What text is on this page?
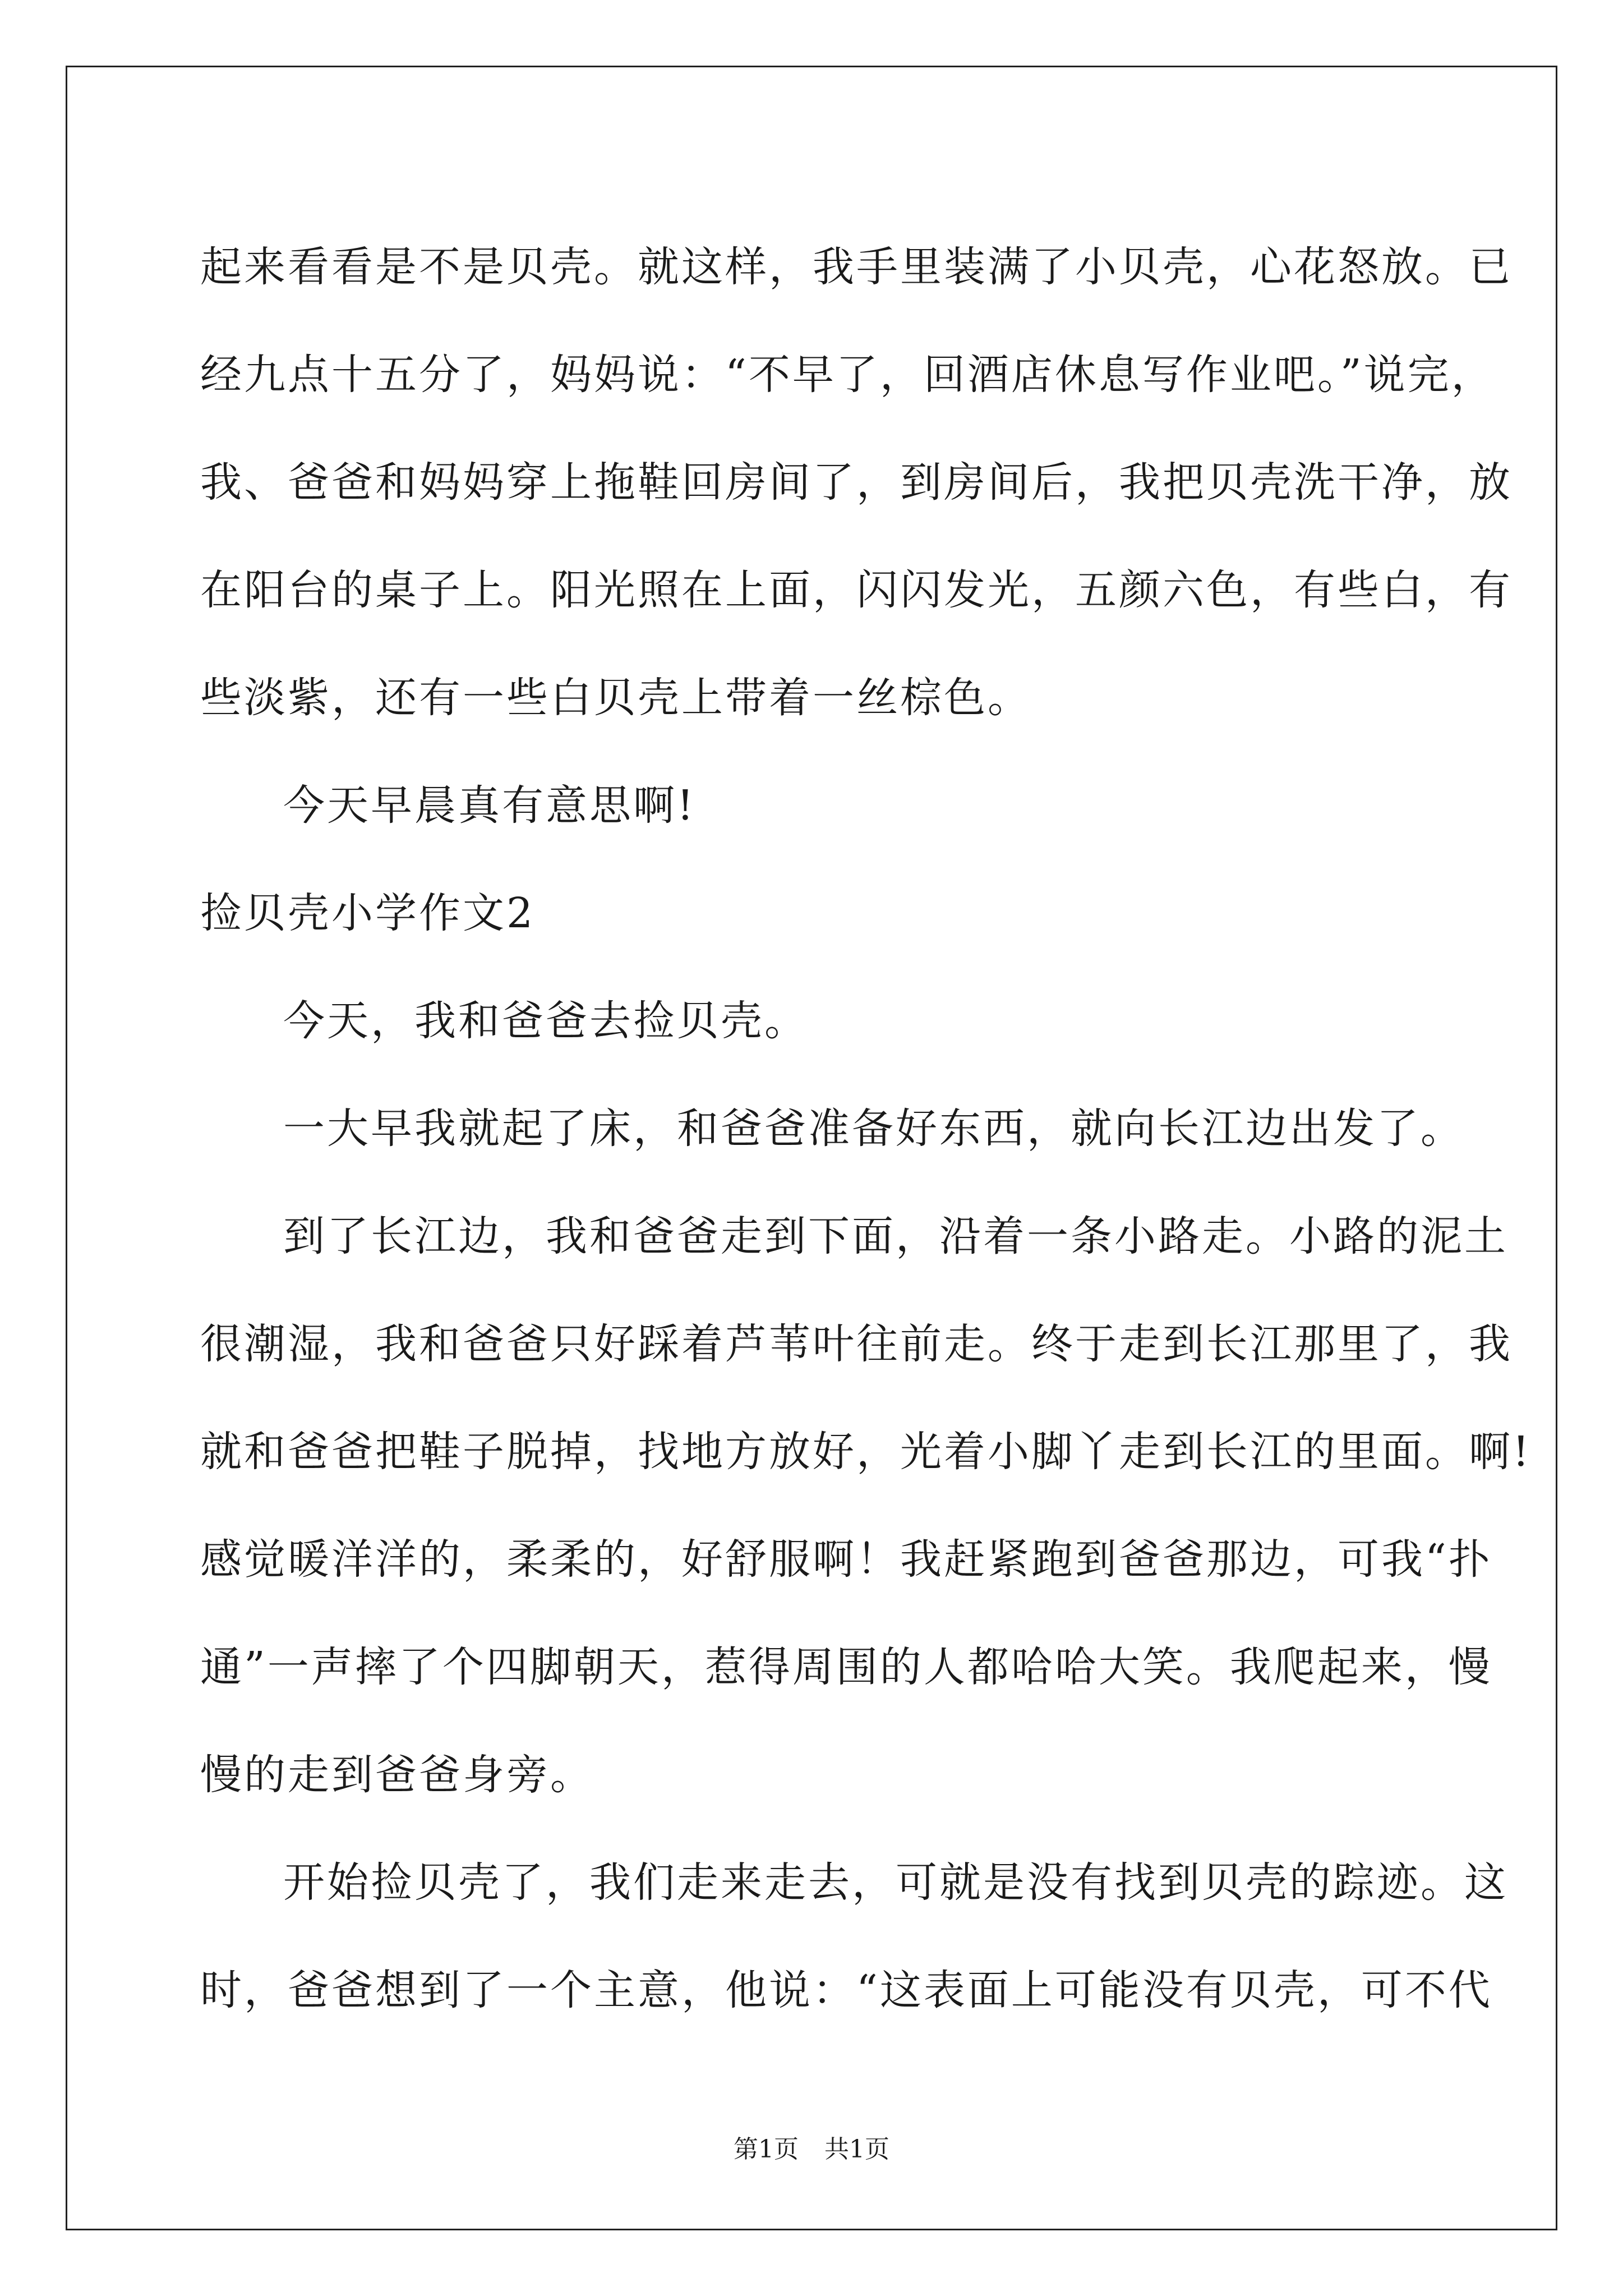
起来看看是不是贝壳。就这样，我手里装满了小贝壳，心花怒放。已
经九点十五分了，妈妈说：“不早了，回酒店休息写作业吧。”说完，
我、爸爸和妈妈穿上拖鞋回房间了，到房间后，我把贝壳洗干净，放
在阳台的桌子上。阳光照在上面，闪闪发光，五颜六色，有些白，有
些淡紫，还有一些白贝壳上带着一丝棕色。
今天早晨真有意思啊!
捡贝壳小学作文2
今天，我和爸爸去捡贝壳。
一大早我就起了床，和爸爸准备好东西，就向长江边出发了。
到了长江边，我和爸爸走到下面，沿着一条小路走。小路的泥土
很潮湿，我和爸爸只好踩着芦苇叶往前走。终于走到长江那里了，我
就和爸爸把鞋子脱掉，找地方放好，光着小脚丫走到长江的里面。啊!
感觉暖洋洋的，柔柔的，好舒服啊！我赶紧跑到爸爸那边，可我“扑
通”一声摔了个四脚朝天，惹得周围的人都哈哈大笑。我爬起来，慢
慢的走到爸爸身旁。
开始捡贝壳了，我们走来走去，可就是没有找到贝壳的踪迹。这
时，爸爸想到了一个主意，他说：“这表面上可能没有贝壳，可不代
第1页 共1页
